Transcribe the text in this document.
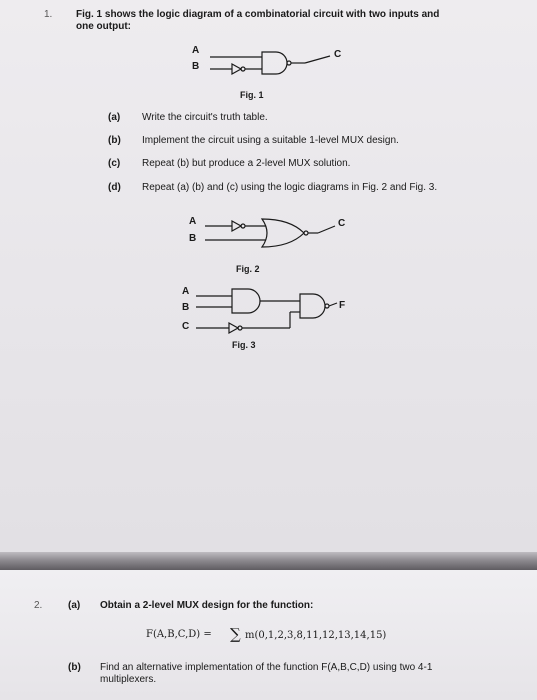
1. Fig. 1 shows the logic diagram of a combinatorial circuit with two inputs and
one output:
A
B
C
Fig. 1
(a) Write the circuit's truth table.
(b) Implement the circuit using a suitable 1-level MUX design.
(c) Repeat (b) but produce a 2-level MUX solution.
(d) Repeat (a) (b) and (c) using the logic diagrams in Fig. 2 and Fig. 3.
A
B
C
Fig. 2
A
B
C
F
Fig. 3
2.	(a) Obtain a 2-level MUX design for the function:
F(A,B,C,D) = ∑ m(0,1,2,3,8,11,12,13,14,15)
(b) Find an alternative implementation of the function F(A,B,C,D) using two 4-1
multiplexers.
